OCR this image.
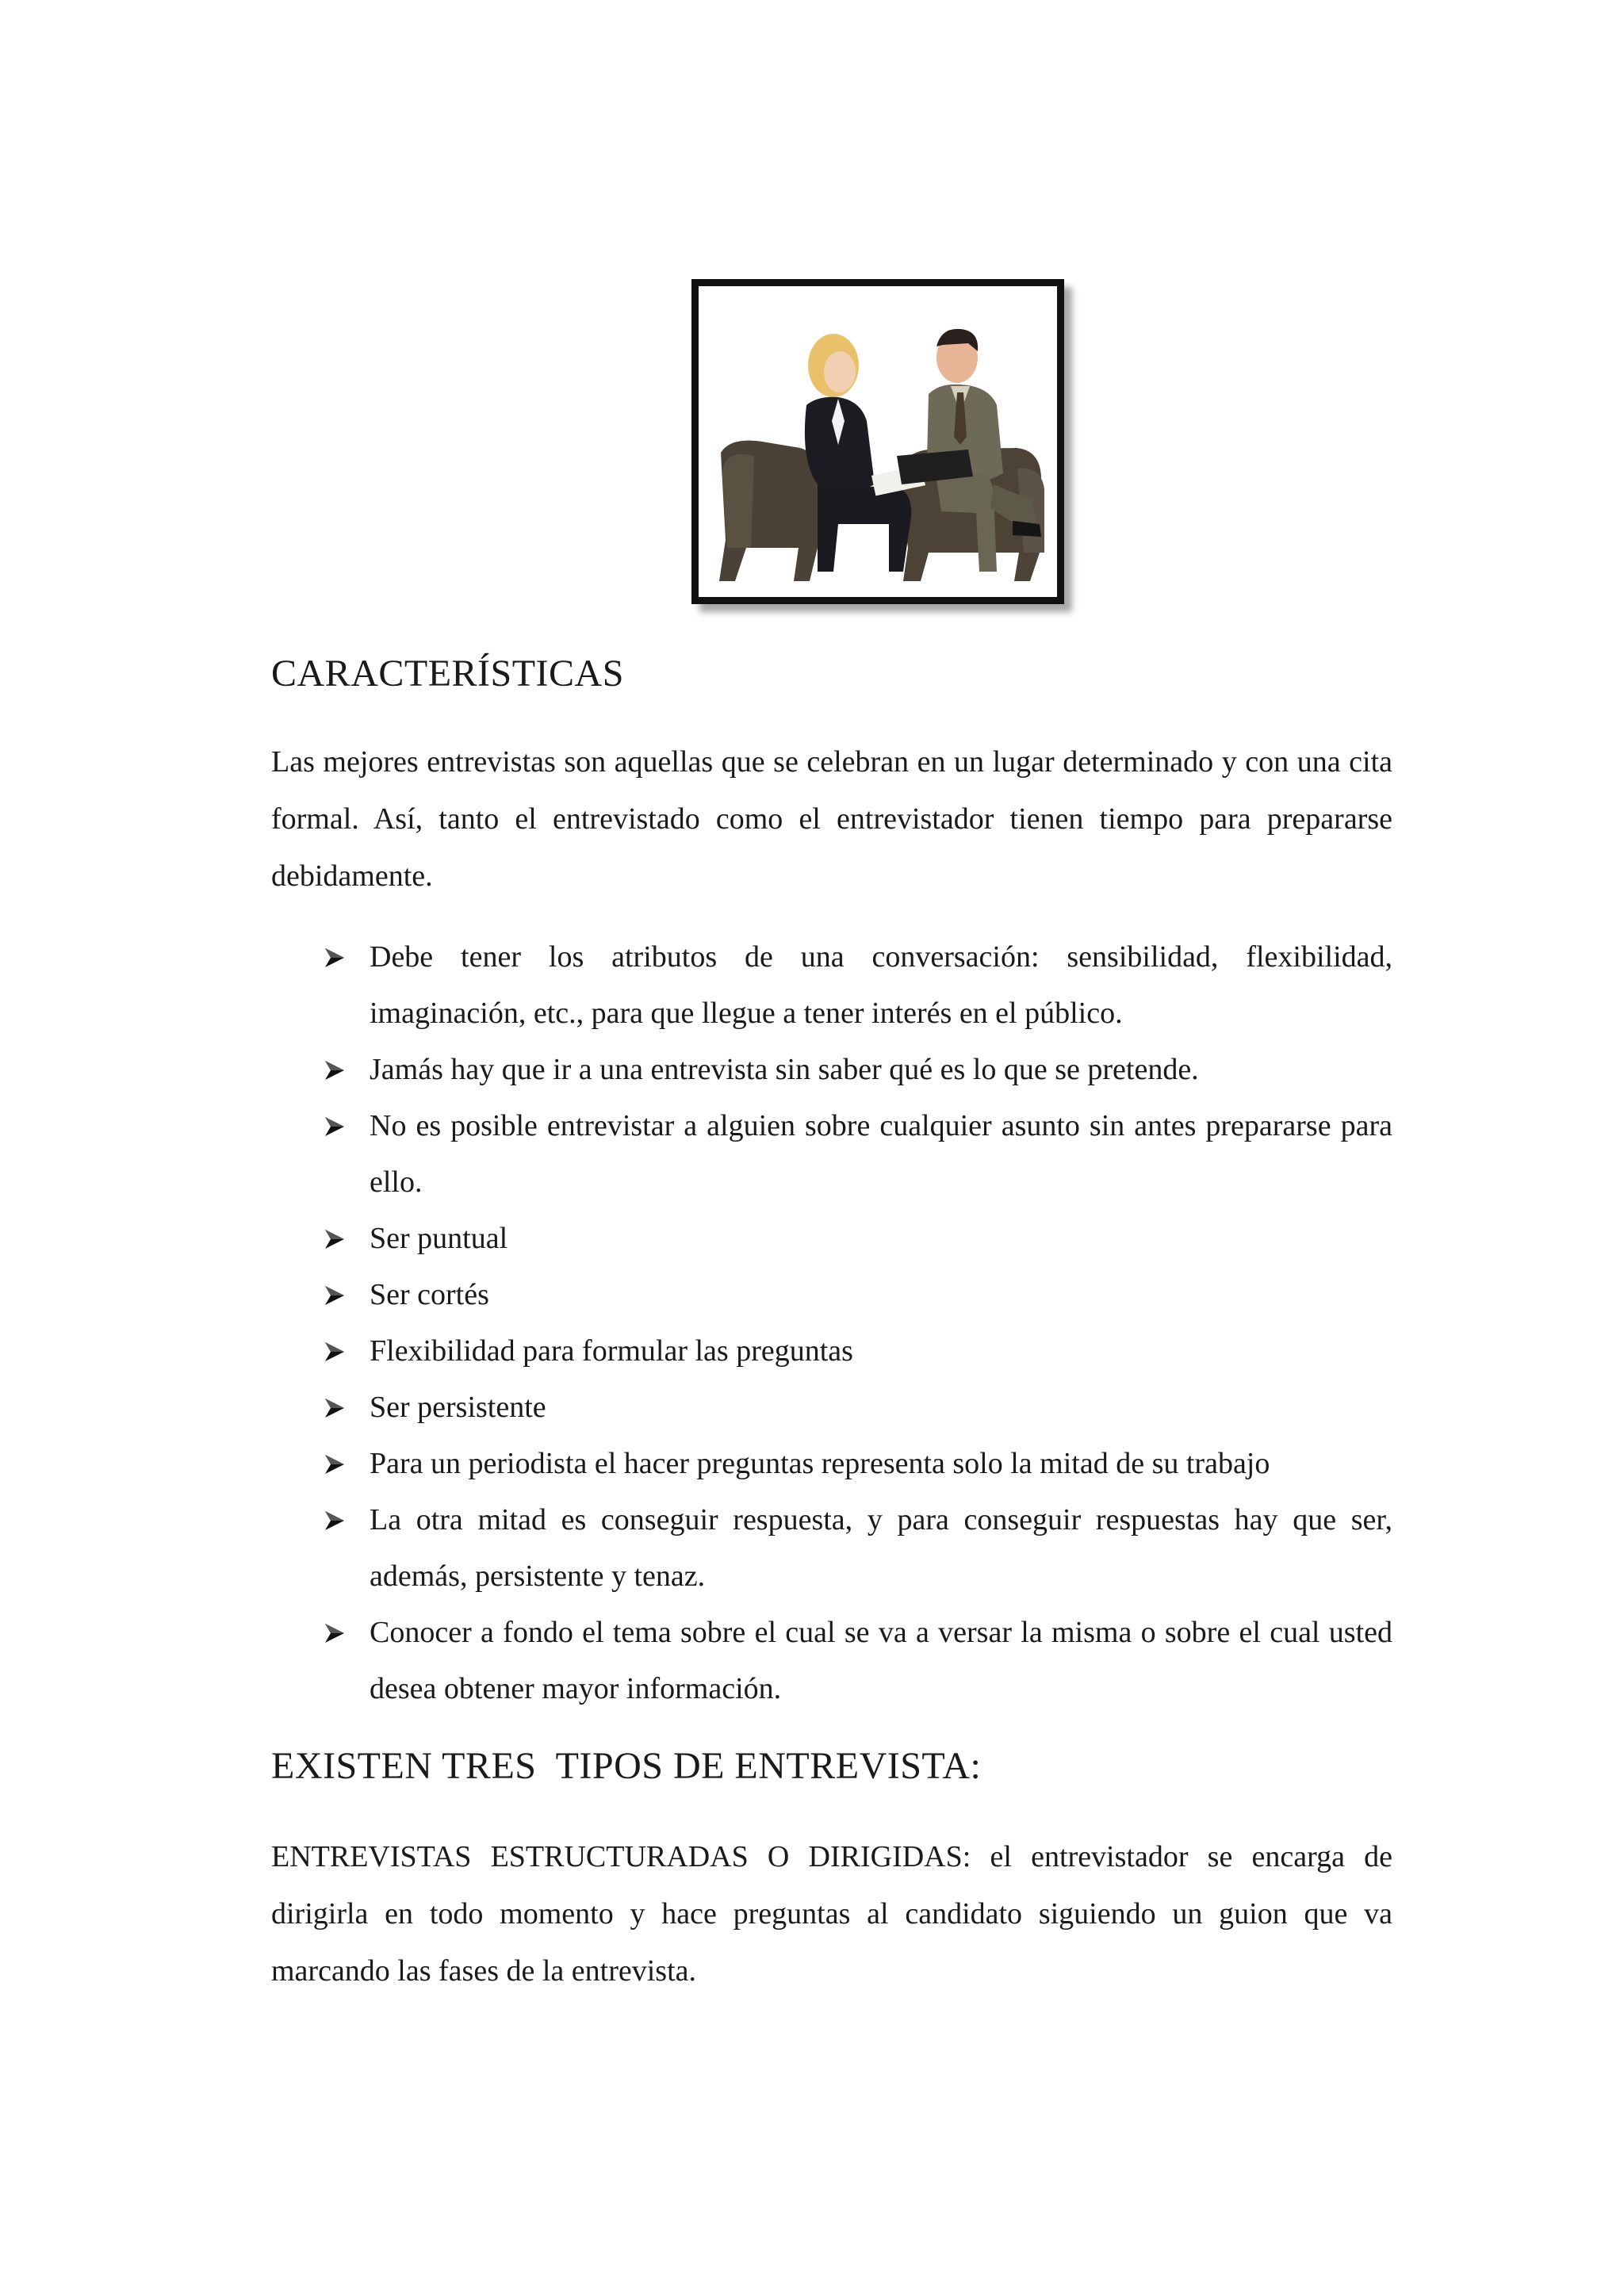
CARACTERÍSTICAS

Las mejores entrevistas son aquellas que se celebran en un lugar determinado y con una cita formal. Así, tanto el entrevistado como el entrevistador tienen tiempo para prepararse debidamente.

Debe tener los atributos de una conversación: sensibilidad, flexibilidad, imaginación, etc., para que llegue a tener interés en el público.
Jamás hay que ir a una entrevista sin saber qué es lo que se pretende.
No es posible entrevistar a alguien sobre cualquier asunto sin antes prepararse para ello.
Ser puntual
Ser cortés
Flexibilidad para formular las preguntas
Ser persistente
Para un periodista el hacer preguntas representa solo la mitad de su trabajo
La otra mitad es conseguir respuesta, y para conseguir respuestas hay que ser, además, persistente y tenaz.
Conocer a fondo el tema sobre el cual se va a versar la misma o sobre el cual usted desea obtener mayor información.
EXISTEN TRES  TIPOS DE ENTREVISTA:

ENTREVISTAS ESTRUCTURADAS O DIRIGIDAS: el entrevistador se encarga de dirigirla en todo momento y hace preguntas al candidato siguiendo un guion que va marcando las fases de la entrevista.
